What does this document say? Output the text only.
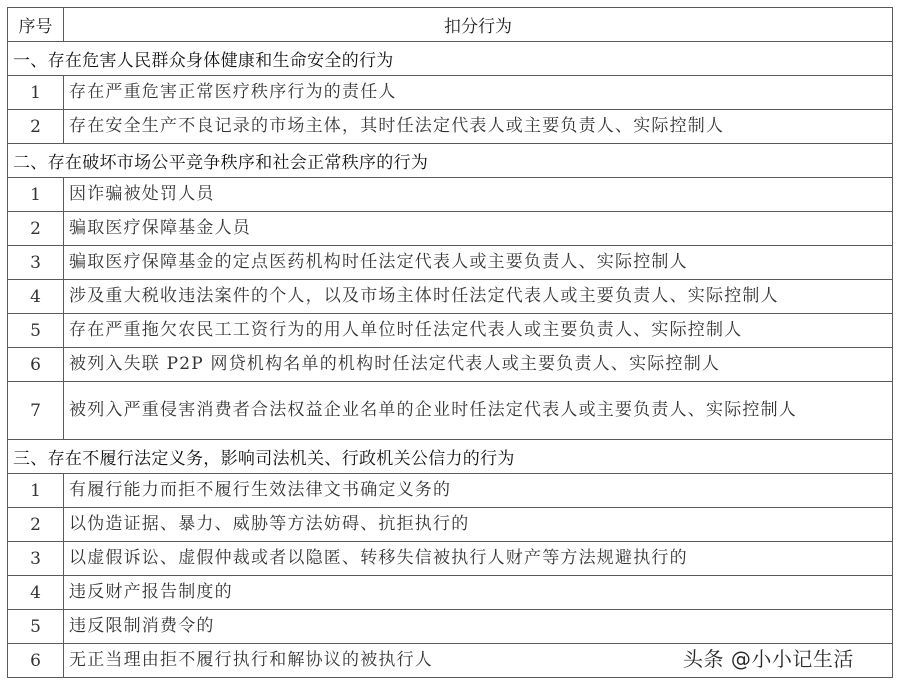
序号	扣分行为
一、存在危害人民群众身体健康和生命安全的行为	
1	存在严重危害正常医疗秩序行为的责任人
2	存在安全生产不良记录的市场主体，其时任法定代表人或主要负责人、实际控制人
二、存在破坏市场公平竞争秩序和社会正常秩序的行为	
1	因诈骗被处罚人员
2	骗取医疗保障基金人员
3	骗取医疗保障基金的定点医药机构时任法定代表人或主要负责人、实际控制人
4	涉及重大税收违法案件的个人，以及市场主体时任法定代表人或主要负责人、实际控制人
5	存在严重拖欠农民工工资行为的用人单位时任法定代表人或主要负责人、实际控制人
6	被列入失联 P2P 网贷机构名单的机构时任法定代表人或主要负责人、实际控制人
7	被列入严重侵害消费者合法权益企业名单的企业时任法定代表人或主要负责人、实际控制人
三、存在不履行法定义务，影响司法机关、行政机关公信力的行为	
1	有履行能力而拒不履行生效法律文书确定义务的
2	以伪造证据、暴力、威胁等方法妨碍、抗拒执行的
3	以虚假诉讼、虚假仲裁或者以隐匿、转移失信被执行人财产等方法规避执行的
4	违反财产报告制度的
5	违反限制消费令的
6	无正当理由拒不履行执行和解协议的被执行人	头条 @小小记生活
